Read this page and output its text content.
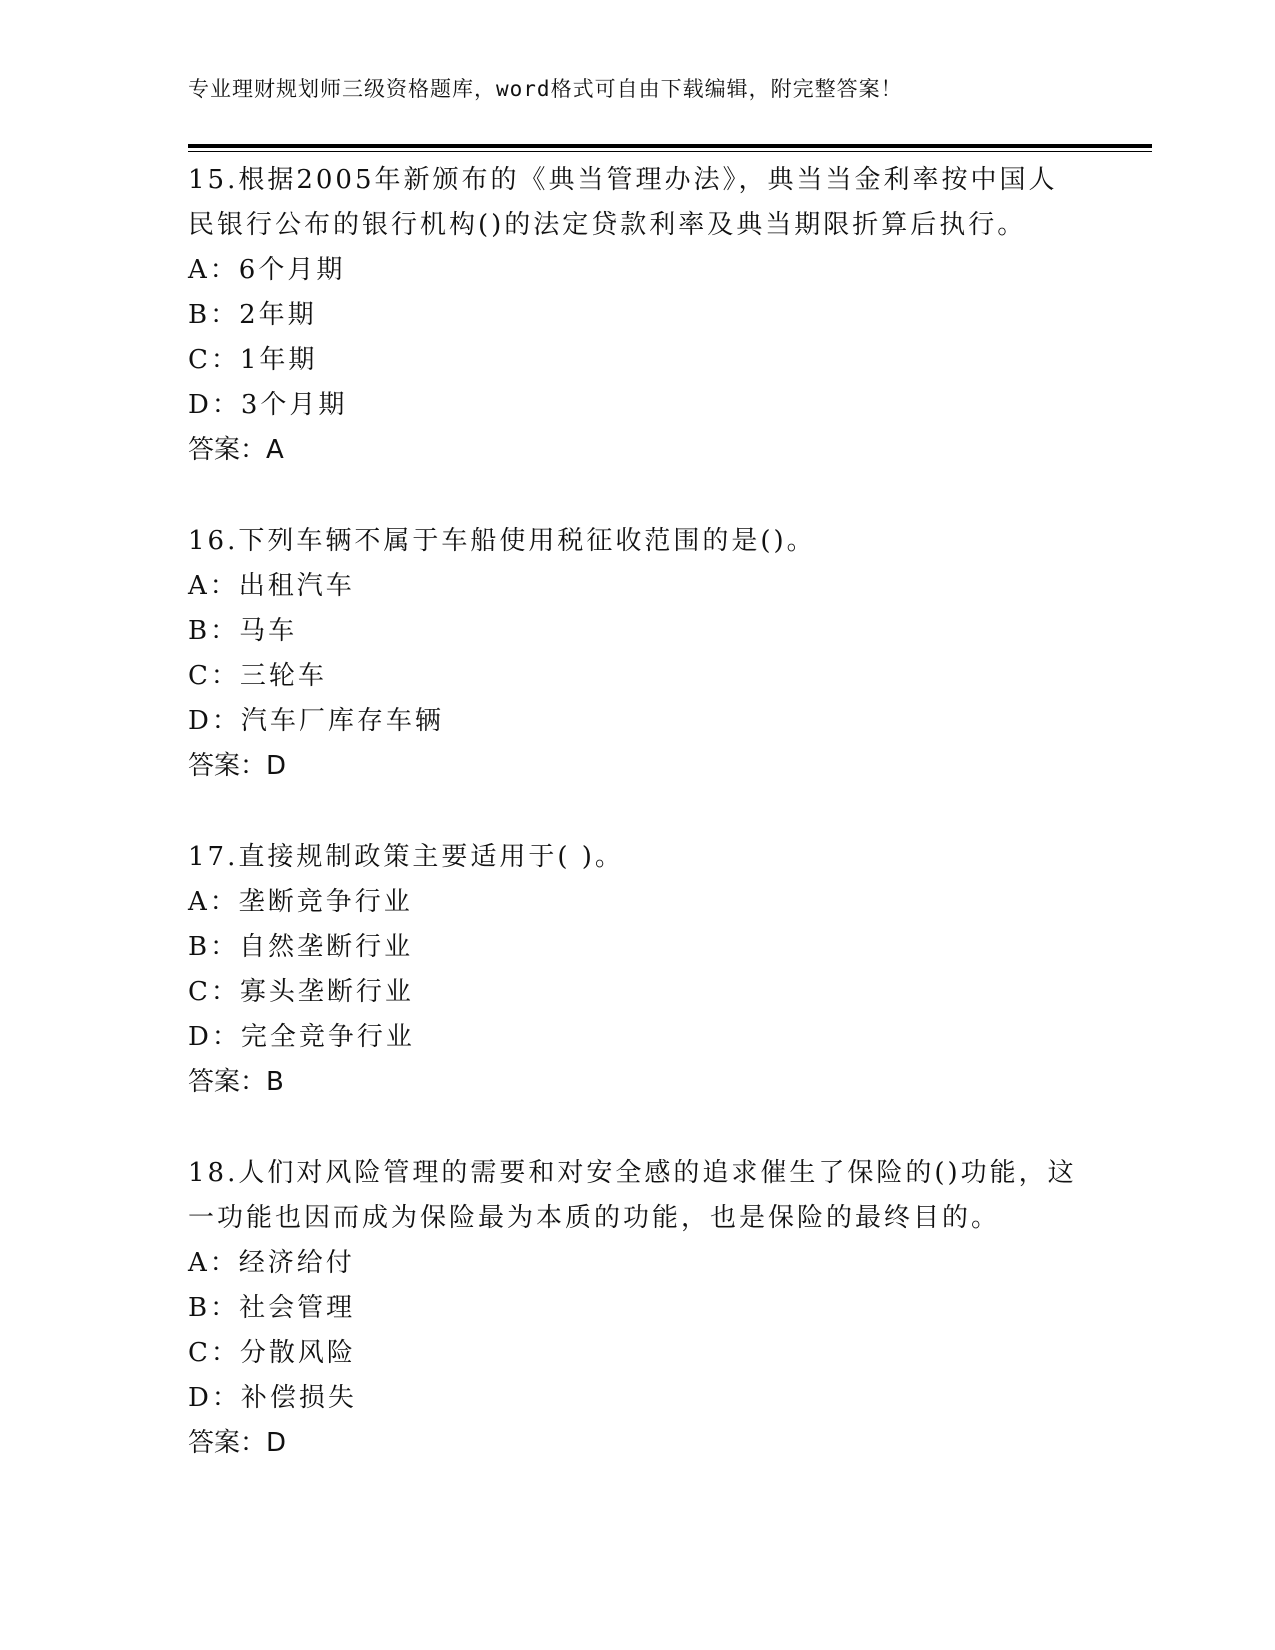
专业理财规划师三级资格题库，word格式可自由下载编辑，附完整答案！
15.根据2005年新颁布的《典当管理办法》，典当当金利率按中国人
民银行公布的银行机构()的法定贷款利率及典当期限折算后执行。
A：6个月期
B：2年期
C：1年期
D：3个月期
答案：A
16.下列车辆不属于车船使用税征收范围的是()。
A：出租汽车
B：马车
C：三轮车
D：汽车厂库存车辆
答案：D
17.直接规制政策主要适用于( )。
A：垄断竞争行业
B：自然垄断行业
C：寡头垄断行业
D：完全竞争行业
答案：B
18.人们对风险管理的需要和对安全感的追求催生了保险的()功能，这
一功能也因而成为保险最为本质的功能，也是保险的最终目的。
A：经济给付
B：社会管理
C：分散风险
D：补偿损失
答案：D
